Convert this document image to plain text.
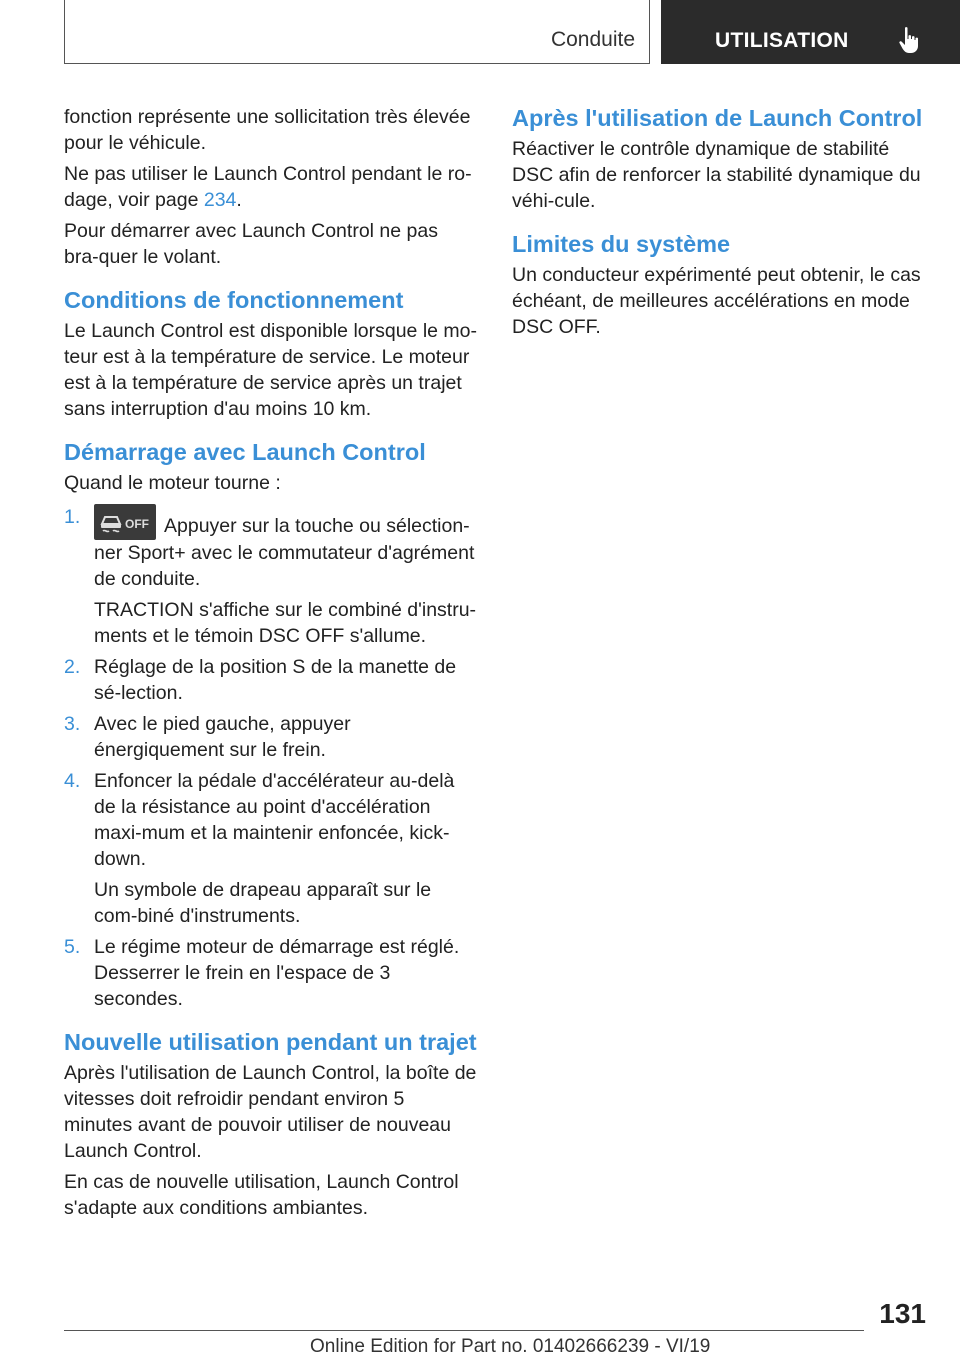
Conduite	UTILISATION

fonction représente une sollicitation très élevée pour le véhicule.

Ne pas utiliser le Launch Control pendant le ro-dage, voir page 234.

Pour démarrer avec Launch Control ne pas bra-quer le volant.

Conditions de fonctionnement

Le Launch Control est disponible lorsque le mo-teur est à la température de service. Le moteur est à la température de service après un trajet sans interruption d'au moins 10 km.

Démarrage avec Launch Control

Quand le moteur tourne :

1.	OFF Appuyer sur la touche ou sélection-ner Sport+ avec le commutateur d'agrément de conduite.

TRACTION s'affiche sur le combiné d'instru-ments et le témoin DSC OFF s'allume.

2. Réglage de la position S de la manette de sé-lection.

3. Avec le pied gauche, appuyer énergiquement sur le frein.

4. Enfoncer la pédale d'accélérateur au-delà de la résistance au point d'accélération maxi-mum et la maintenir enfoncée, kick-down.

Un symbole de drapeau apparaît sur le com-biné d'instruments.

5. Le régime moteur de démarrage est réglé. Desserrer le frein en l'espace de 3 secondes.

Nouvelle utilisation pendant un trajet

Après l'utilisation de Launch Control, la boîte de vitesses doit refroidir pendant environ 5 minutes avant de pouvoir utiliser de nouveau Launch Control.

En cas de nouvelle utilisation, Launch Control s'adapte aux conditions ambiantes.

Après l'utilisation de Launch Control

Réactiver le contrôle dynamique de stabilité DSC afin de renforcer la stabilité dynamique du véhi-cule.

Limites du système

Un conducteur expérimenté peut obtenir, le cas échéant, de meilleures accélérations en mode DSC OFF.

131
Online Edition for Part no. 01402666239 - VI/19
